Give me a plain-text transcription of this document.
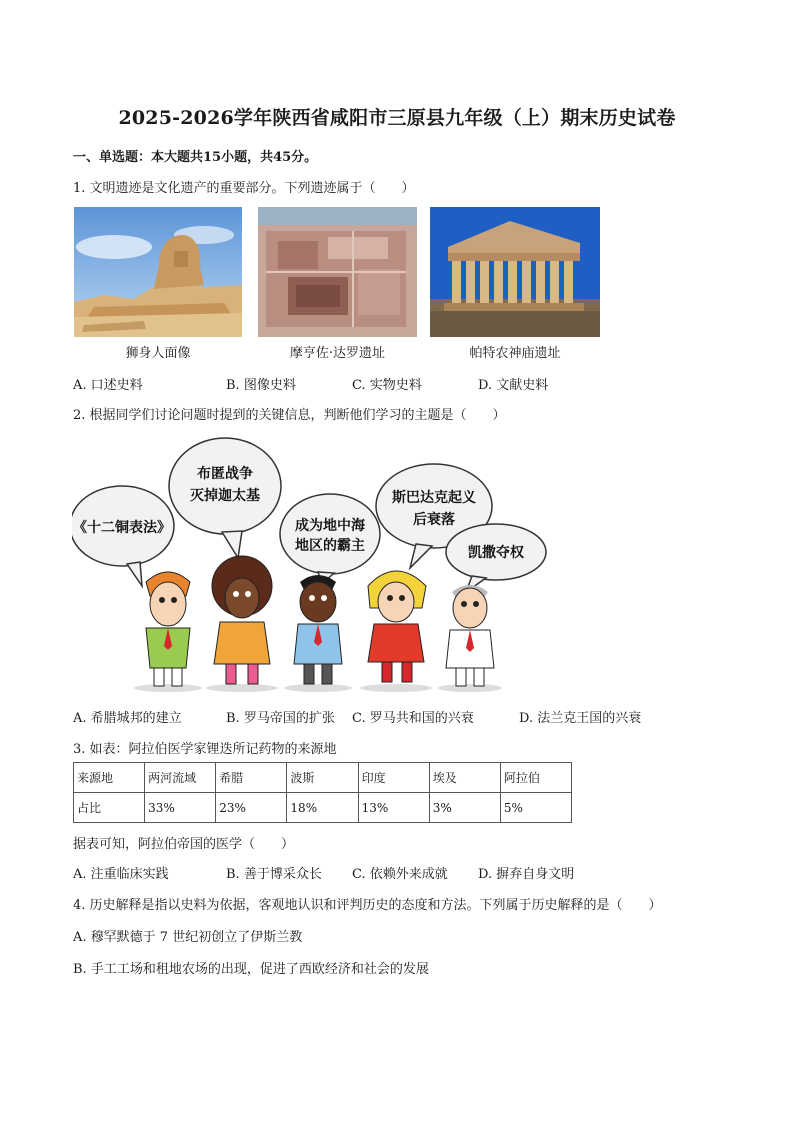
2025-2026学年陕西省咸阳市三原县九年级（上）期末历史试卷
一、单选题：本大题共15小题，共45分。
1. 文明遗迹是文化遗产的重要部分。下列遗迹属于（　　）
狮身人面像	摩亨佐·达罗遗址	帕特农神庙遗址
A. 口述史料	B. 图像史料	C. 实物史料	D. 文献史料
2. 根据同学们讨论问题时提到的关键信息，判断他们学习的主题是（　　）
《十二铜表法》
布匿战争
灭掉迦太基
成为地中海
地区的霸主
斯巴达克起义
后衰落
凯撒夺权
A. 希腊城邦的建立	B. 罗马帝国的扩张 C. 罗马共和国的兴衰	D. 法兰克王国的兴衰
3. 如表：阿拉伯医学家锂迭所记药物的来源地
来源地	两河流域	希腊	波斯	印度	埃及	阿拉伯
占比	33%	23%	18%	13%	3%	5%
据表可知，阿拉伯帝国的医学（　　）
A. 注重临床实践	B. 善于博采众长 C. 依赖外来成就 D. 摒弃自身文明
4. 历史解释是指以史料为依据，客观地认识和评判历史的态度和方法。下列属于历史解释的是（　　）
A. 穆罕默德于 7 世纪初创立了伊斯兰教
B. 手工工场和租地农场的出现，促进了西欧经济和社会的发展
